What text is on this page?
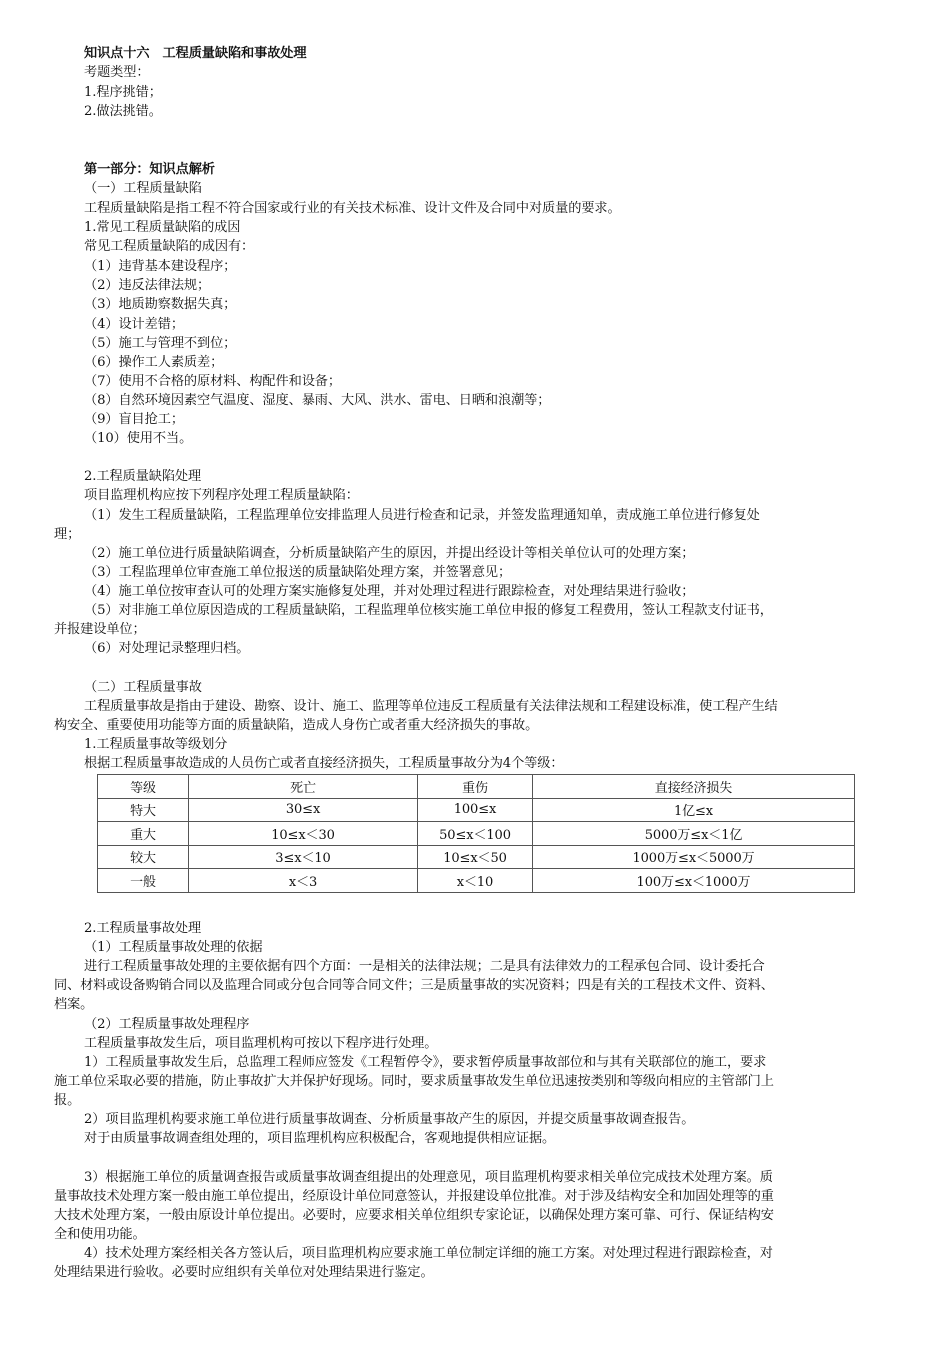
知识点十六　工程质量缺陷和事故处理
考题类型：
1.程序挑错；
2.做法挑错。
第一部分：知识点解析
（一）工程质量缺陷
工程质量缺陷是指工程不符合国家或行业的有关技术标准、设计文件及合同中对质量的要求。
1.常见工程质量缺陷的成因
常见工程质量缺陷的成因有：
（1）违背基本建设程序；
（2）违反法律法规；
（3）地质勘察数据失真；
（4）设计差错；
（5）施工与管理不到位；
（6）操作工人素质差；
（7）使用不合格的原材料、构配件和设备；
（8）自然环境因素空气温度、湿度、暴雨、大风、洪水、雷电、日晒和浪潮等；
（9）盲目抢工；
（10）使用不当。
2.工程质量缺陷处理
项目监理机构应按下列程序处理工程质量缺陷：
（1）发生工程质量缺陷，工程监理单位安排监理人员进行检查和记录，并签发监理通知单，责成施工单位进行修复处
理；
（2）施工单位进行质量缺陷调查，分析质量缺陷产生的原因，并提出经设计等相关单位认可的处理方案；
（3）工程监理单位审查施工单位报送的质量缺陷处理方案，并签署意见；
（4）施工单位按审查认可的处理方案实施修复处理，并对处理过程进行跟踪检查，对处理结果进行验收；
（5）对非施工单位原因造成的工程质量缺陷，工程监理单位核实施工单位申报的修复工程费用，签认工程款支付证书，
并报建设单位；
（6）对处理记录整理归档。
（二）工程质量事故
工程质量事故是指由于建设、勘察、设计、施工、监理等单位违反工程质量有关法律法规和工程建设标准，使工程产生结
构安全、重要使用功能等方面的质量缺陷，造成人身伤亡或者重大经济损失的事故。
1.工程质量事故等级划分
根据工程质量事故造成的人员伤亡或者直接经济损失，工程质量事故分为4个等级：
等级	死亡	重伤	直接经济损失
特大	30≤x	100≤x	1亿≤x
重大	10≤x＜30	50≤x＜100	5000万≤x＜1亿
较大	3≤x＜10	10≤x＜50	1000万≤x＜5000万
一般	x＜3	x＜10	100万≤x＜1000万
2.工程质量事故处理
（1）工程质量事故处理的依据
进行工程质量事故处理的主要依据有四个方面：一是相关的法律法规；二是具有法律效力的工程承包合同、设计委托合
同、材料或设备购销合同以及监理合同或分包合同等合同文件；三是质量事故的实况资料；四是有关的工程技术文件、资料、
档案。
（2）工程质量事故处理程序
工程质量事故发生后，项目监理机构可按以下程序进行处理。
1）工程质量事故发生后，总监理工程师应签发《工程暂停令》，要求暂停质量事故部位和与其有关联部位的施工，要求
施工单位采取必要的措施，防止事故扩大并保护好现场。同时，要求质量事故发生单位迅速按类别和等级向相应的主管部门上
报。
2）项目监理机构要求施工单位进行质量事故调查、分析质量事故产生的原因，并提交质量事故调查报告。
对于由质量事故调查组处理的，项目监理机构应积极配合，客观地提供相应证据。
3）根据施工单位的质量调查报告或质量事故调查组提出的处理意见，项目监理机构要求相关单位完成技术处理方案。质
量事故技术处理方案一般由施工单位提出，经原设计单位同意签认，并报建设单位批准。对于涉及结构安全和加固处理等的重
大技术处理方案，一般由原设计单位提出。必要时，应要求相关单位组织专家论证，以确保处理方案可靠、可行、保证结构安
全和使用功能。
4）技术处理方案经相关各方签认后，项目监理机构应要求施工单位制定详细的施工方案。对处理过程进行跟踪检查，对
处理结果进行验收。必要时应组织有关单位对处理结果进行鉴定。
